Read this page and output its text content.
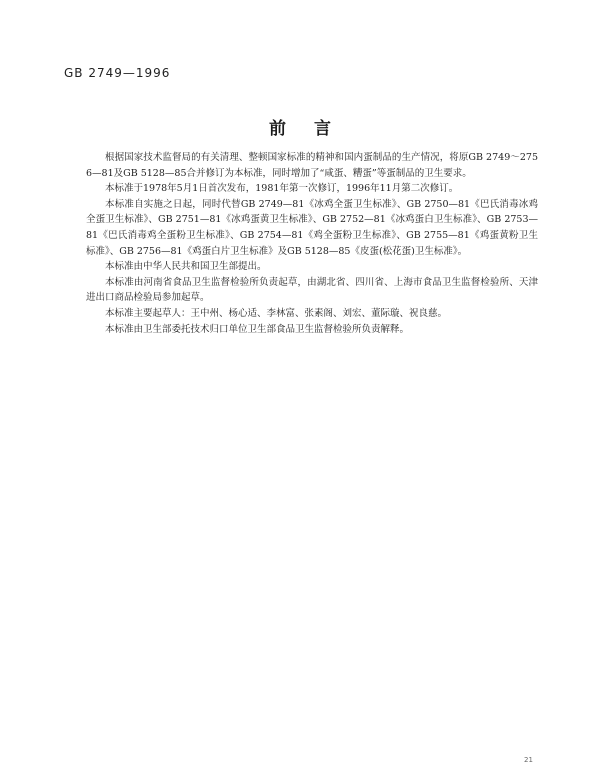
GB 2749—1996
前言

根据国家技术监督局的有关清理、整顿国家标准的精神和国内蛋制品的生产情况，将原GB 2749～2756—81及GB 5128—85合并修订为本标准，同时增加了“咸蛋、糟蛋”等蛋制品的卫生要求。

本标准于1978年5月1日首次发布，1981年第一次修订，1996年11月第二次修订。

本标准自实施之日起，同时代替GB 2749—81《冰鸡全蛋卫生标准》、GB 2750—81《巴氏消毒冰鸡全蛋卫生标准》、GB 2751—81《冰鸡蛋黄卫生标准》、GB 2752—81《冰鸡蛋白卫生标准》、GB 2753—81《巴氏消毒鸡全蛋粉卫生标准》、GB 2754—81《鸡全蛋粉卫生标准》、GB 2755—81《鸡蛋黄粉卫生标准》、GB 2756—81《鸡蛋白片卫生标准》及GB 5128—85《皮蛋(松花蛋)卫生标准》。

本标准由中华人民共和国卫生部提出。

本标准由河南省食品卫生监督检验所负责起草，由湖北省、四川省、上海市食品卫生监督检验所、天津进出口商品检验局参加起草。

本标准主要起草人：王中州、杨心适、李林富、张素阁、刘宏、董际璇、祝良慈。

本标准由卫生部委托技术归口单位卫生部食品卫生监督检验所负责解释。

21
